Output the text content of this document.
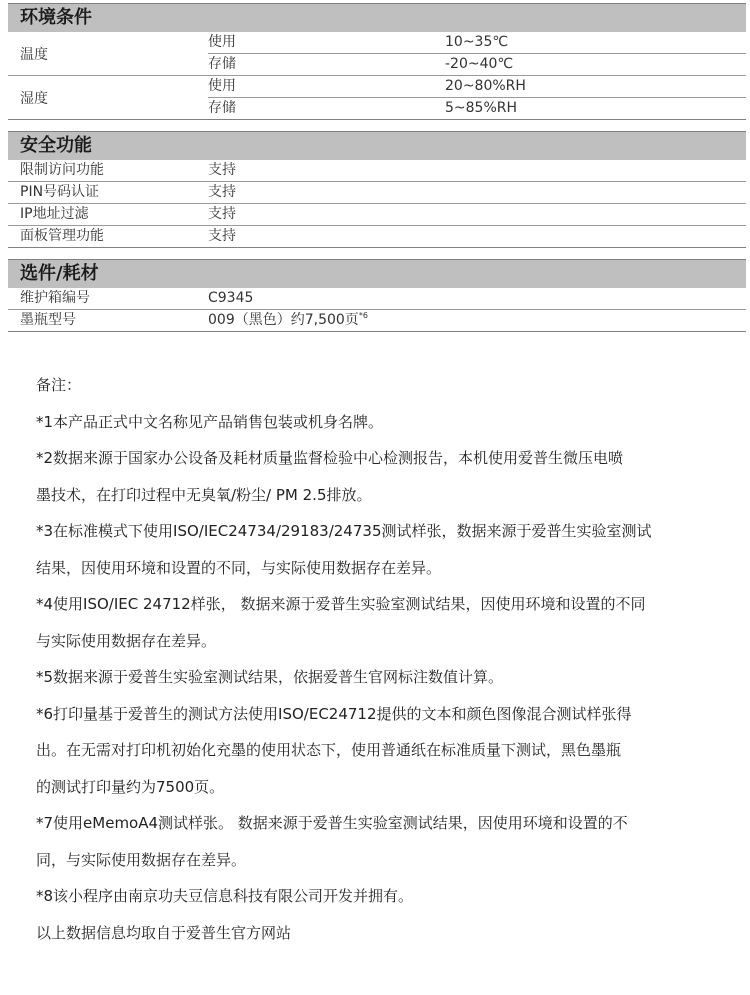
环境条件
温度
使用	10~35℃
存储	-20~40℃
湿度
使用	20~80%RH
存储	5~85%RH
安全功能
限制访问功能	支持
PIN号码认证	支持
IP地址过滤	支持
面板管理功能	支持
选件/耗材
维护箱编号	C9345
墨瓶型号	009（黑色）约7,500页$^{*6}$
备注：
*1本产品正式中文名称见产品销售包装或机身名牌。
*2数据来源于国家办公设备及耗材质量监督检验中心检测报告，本机使用爱普生微压电喷
墨技术，在打印过程中无臭氧/粉尘/ PM 2.5排放。
*3在标准模式下使用ISO/IEC24734/29183/24735测试样张，数据来源于爱普生实验室测试
结果，因使用环境和设置的不同，与实际使用数据存在差异。
*4使用ISO/IEC 24712样张， 数据来源于爱普生实验室测试结果，因使用环境和设置的不同
与实际使用数据存在差异。
*5数据来源于爱普生实验室测试结果，依据爱普生官网标注数值计算。
*6打印量基于爱普生的测试方法使用ISO/EC24712提供的文本和颜色图像混合测试样张得
出。在无需对打印机初始化充墨的使用状态下，使用普通纸在标准质量下测试，黑色墨瓶
的测试打印量约为7500页。
*7使用eMemoA4测试样张。 数据来源于爱普生实验室测试结果，因使用环境和设置的不
同，与实际使用数据存在差异。
*8该小程序由南京功夫豆信息科技有限公司开发并拥有。
以上数据信息均取自于爱普生官方网站
